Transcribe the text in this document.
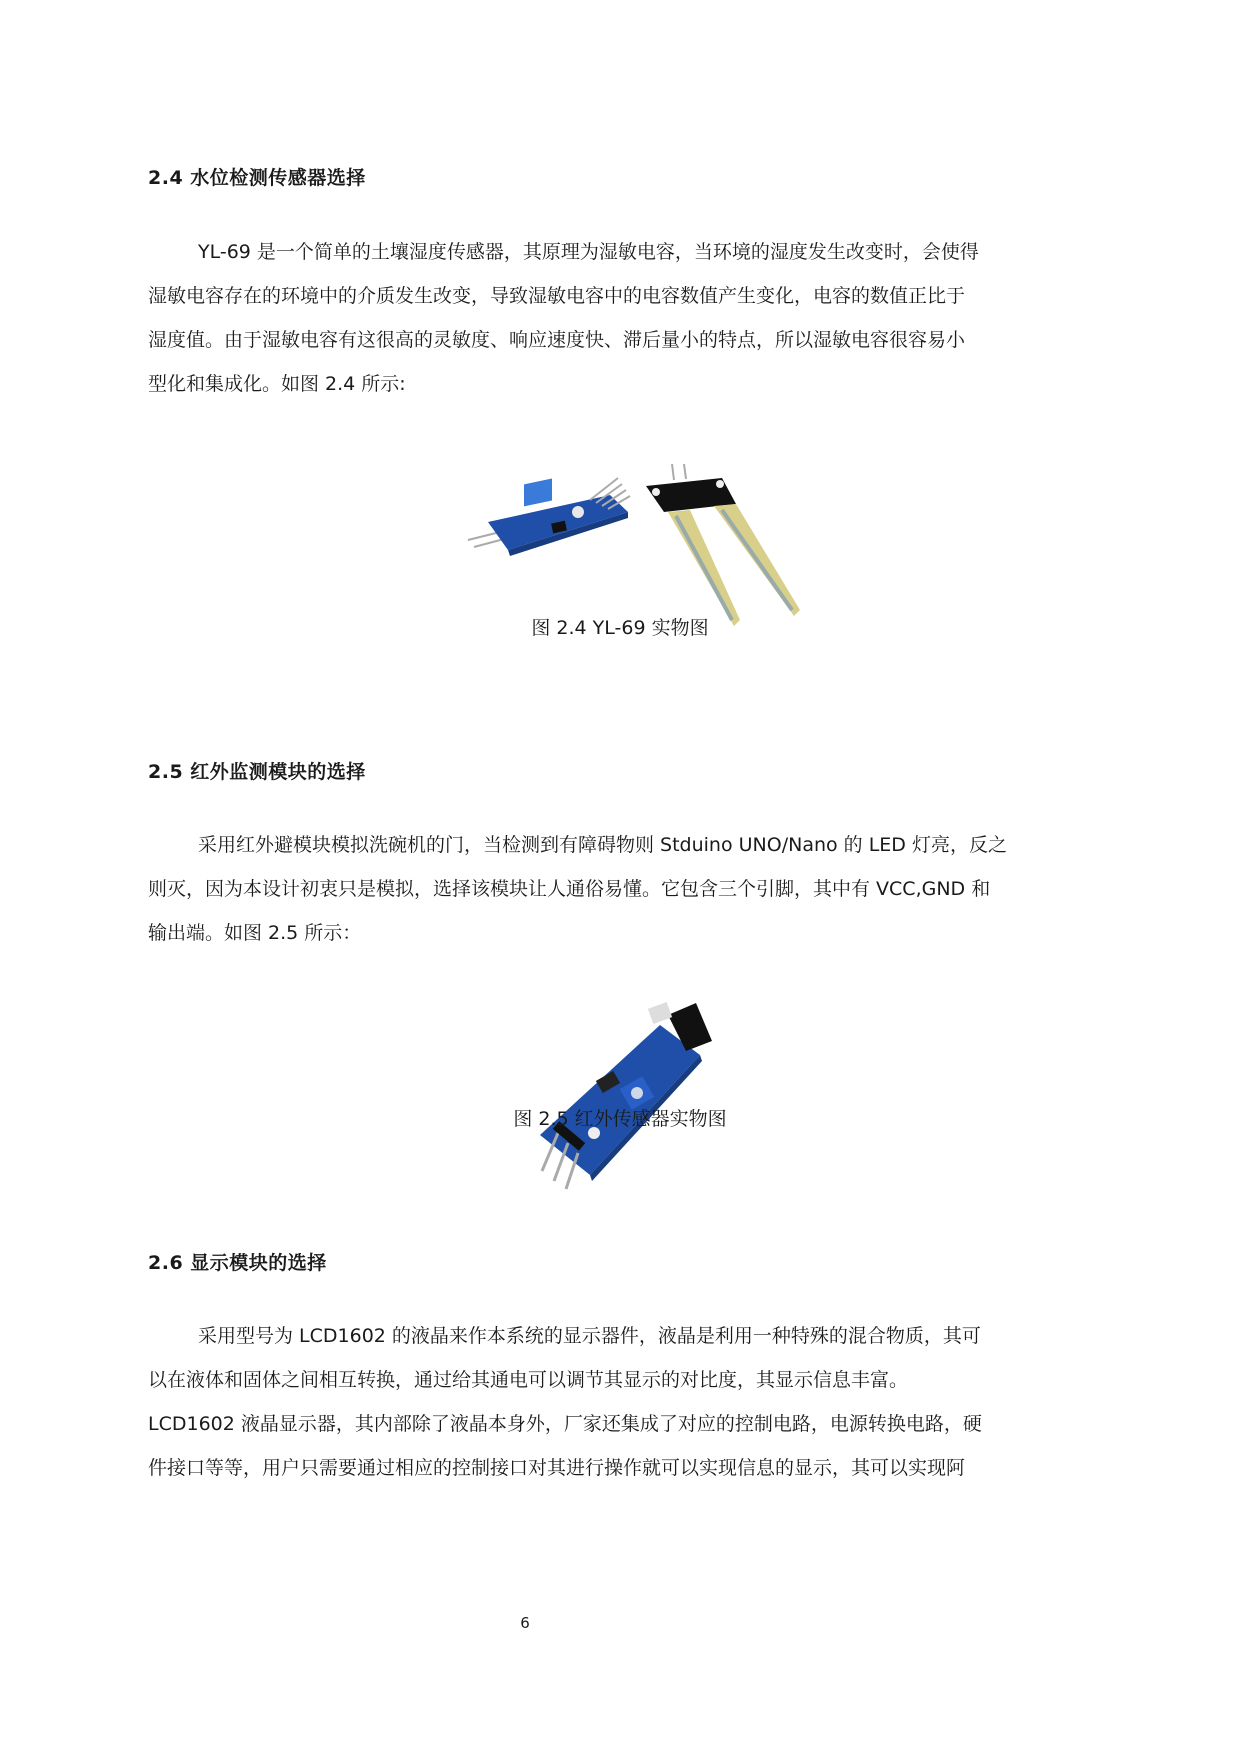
2.4 水位检测传感器选择
YL-69 是一个简单的土壤湿度传感器，其原理为湿敏电容，当环境的湿度发生改变时，会使得
湿敏电容存在的环境中的介质发生改变，导致湿敏电容中的电容数值产生变化，电容的数值正比于
湿度值。由于湿敏电容有这很高的灵敏度、响应速度快、滞后量小的特点，所以湿敏电容很容易小
型化和集成化。如图 2.4 所示:
图 2.4 YL-69 实物图
2.5 红外监测模块的选择
采用红外避模块模拟洗碗机的门，当检测到有障碍物则 Stduino UNO/Nano 的 LED 灯亮，反之
则灭，因为本设计初衷只是模拟，选择该模块让人通俗易懂。它包含三个引脚，其中有 VCC,GND 和
输出端。如图 2.5 所示：
图 2.5 红外传感器实物图
2.6 显示模块的选择
采用型号为 LCD1602 的液晶来作本系统的显示器件，液晶是利用一种特殊的混合物质，其可
以在液体和固体之间相互转换，通过给其通电可以调节其显示的对比度，其显示信息丰富。
LCD1602 液晶显示器，其内部除了液晶本身外，厂家还集成了对应的控制电路，电源转换电路，硬
件接口等等，用户只需要通过相应的控制接口对其进行操作就可以实现信息的显示，其可以实现阿
6
